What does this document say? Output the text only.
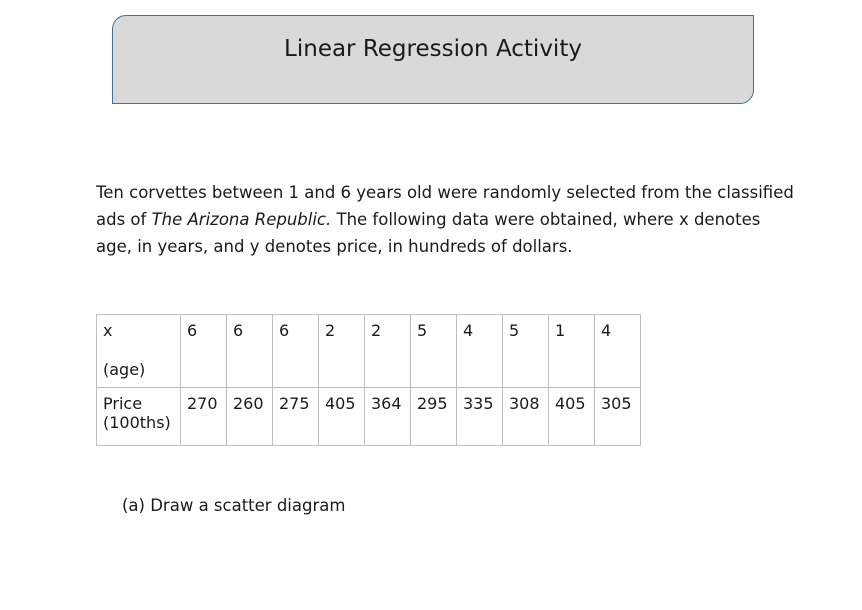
Linear Regression Activity
Ten corvettes between 1 and 6 years old were randomly selected from the classified ads of The Arizona Republic. The following data were obtained, where x denotes age, in years, and y denotes price, in hundreds of dollars.
x
(age)	6	6	6	2	2	5	4	5	1	4
Price
(100ths)	270	260	275	405	364	295	335	308	405	305
(a) Draw a scatter diagram
